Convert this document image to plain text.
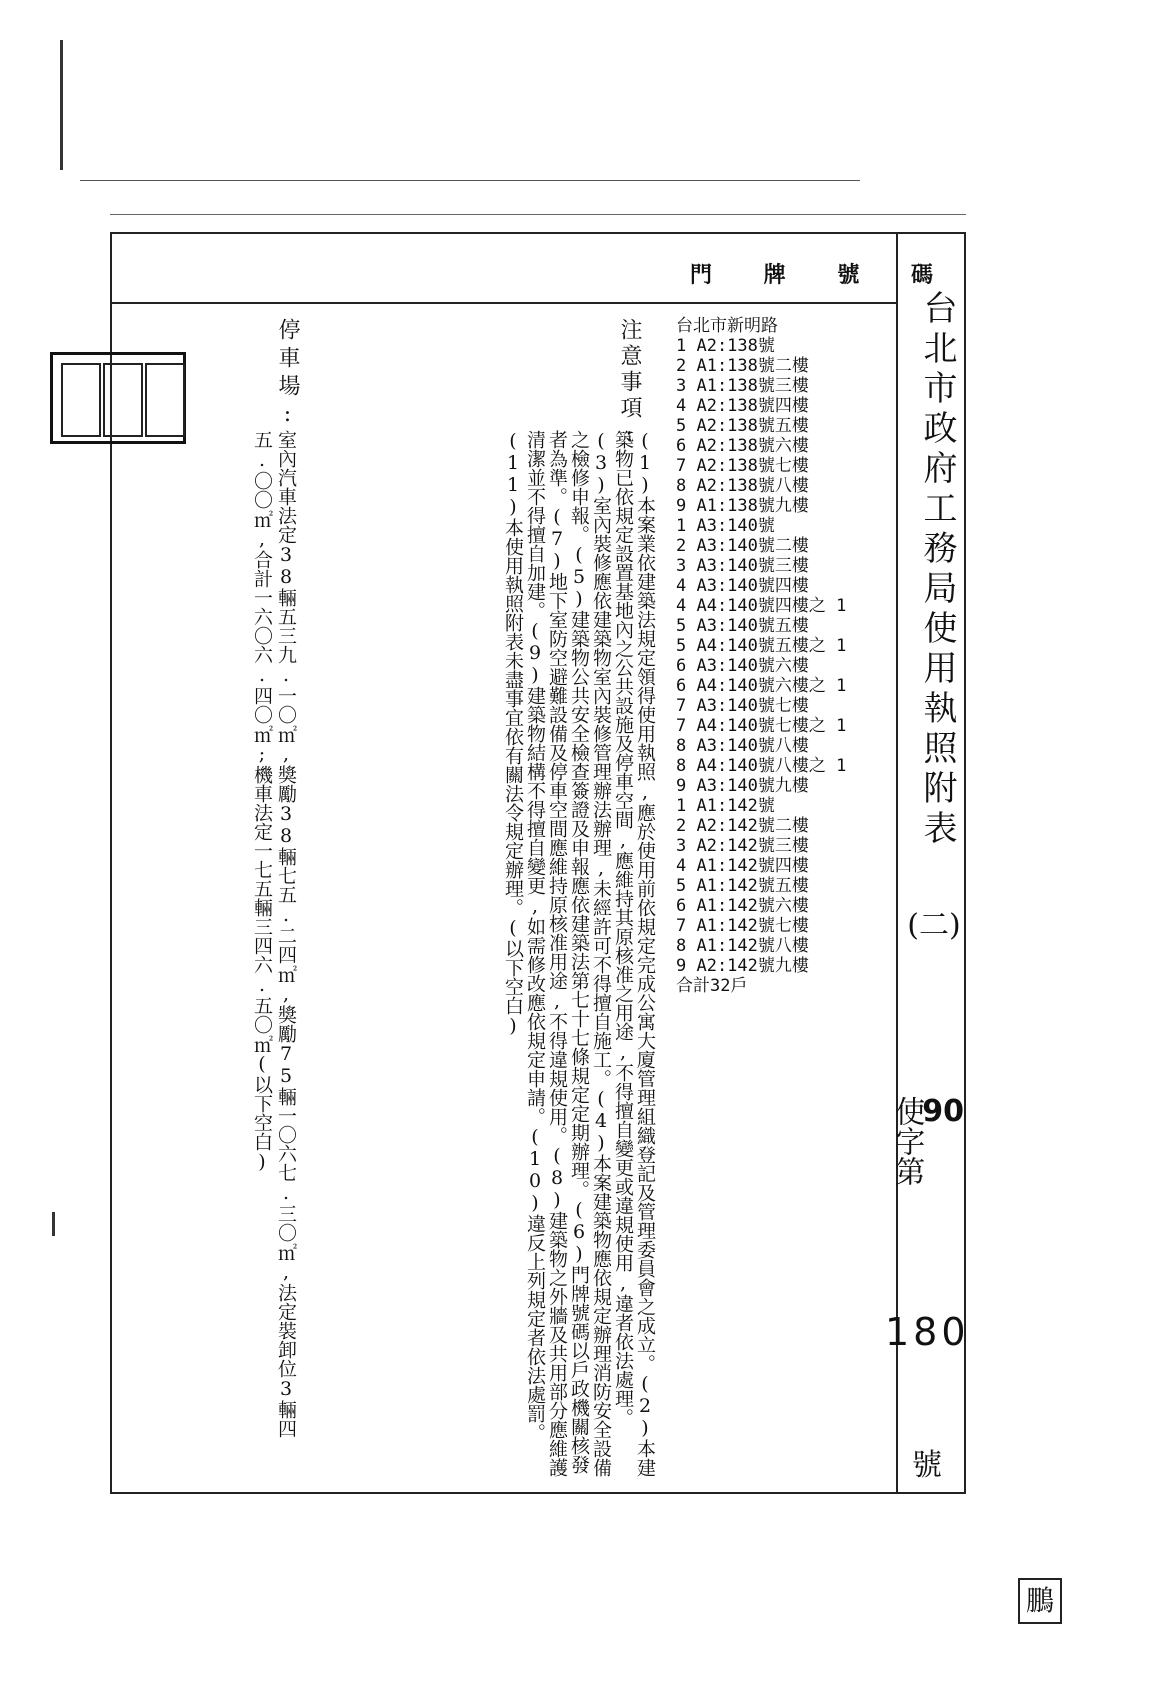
台北市政府工務局使用執照附表
(二)
90
使字第
180
號
門 牌 號 碼
台北市新明路
1 A2:138號
2 A1:138號二樓
3 A1:138號三樓
4 A2:138號四樓
5 A2:138號五樓
6 A2:138號六樓
7 A2:138號七樓
8 A2:138號八樓
9 A1:138號九樓
1 A3:140號
2 A3:140號二樓
3 A3:140號三樓
4 A3:140號四樓
4 A4:140號四樓之 1
5 A3:140號五樓
5 A4:140號五樓之 1
6 A3:140號六樓
6 A4:140號六樓之 1
7 A3:140號七樓
7 A4:140號七樓之 1
8 A3:140號八樓
8 A4:140號八樓之 1
9 A3:140號九樓
1 A1:142號
2 A2:142號二樓
3 A2:142號三樓
4 A1:142號四樓
5 A1:142號五樓
6 A1:142號六樓
7 A1:142號七樓
8 A1:142號八樓
9 A2:142號九樓
合計32戶
注意事項:
(1)本案業依建築法規定領得使用執照,應於使用前依規定完成公寓大廈管理組織登記及管理委員會之成立。(2)本建築物已依規定設置基地內之公共設施及停車空間,應維持其原核准之用途,不得擅自變更或違規使用,違者依法處理。(3)室內裝修應依建築物室內裝修管理辦法辦理,未經許可不得擅自施工。(4)本案建築物應依規定辦理消防安全設備之檢修申報。(5)建築物公共安全檢查簽證及申報應依建築法第七十七條規定定期辦理。(6)門牌號碼以戶政機關核發者為準。(7)地下室防空避難設備及停車空間應維持原核准用途,不得違規使用。(8)建築物之外牆及共用部分應維護清潔並不得擅自加建。(9)建築物結構不得擅自變更,如需修改應依規定申請。(10)違反上列規定者依法處罰。(11)本使用執照附表未盡事宜依有關法令規定辦理。(以下空白)
停車場:
室內汽車法定38輛五三九.一〇㎡,獎勵38輛七五.二四㎡,獎勵75輛一〇六七.三〇㎡,法定裝卸位3輛四五.〇〇㎡,合計一六〇六.四〇㎡;機車法定一七五輛三四六.五〇㎡(以下空白)
鵬
